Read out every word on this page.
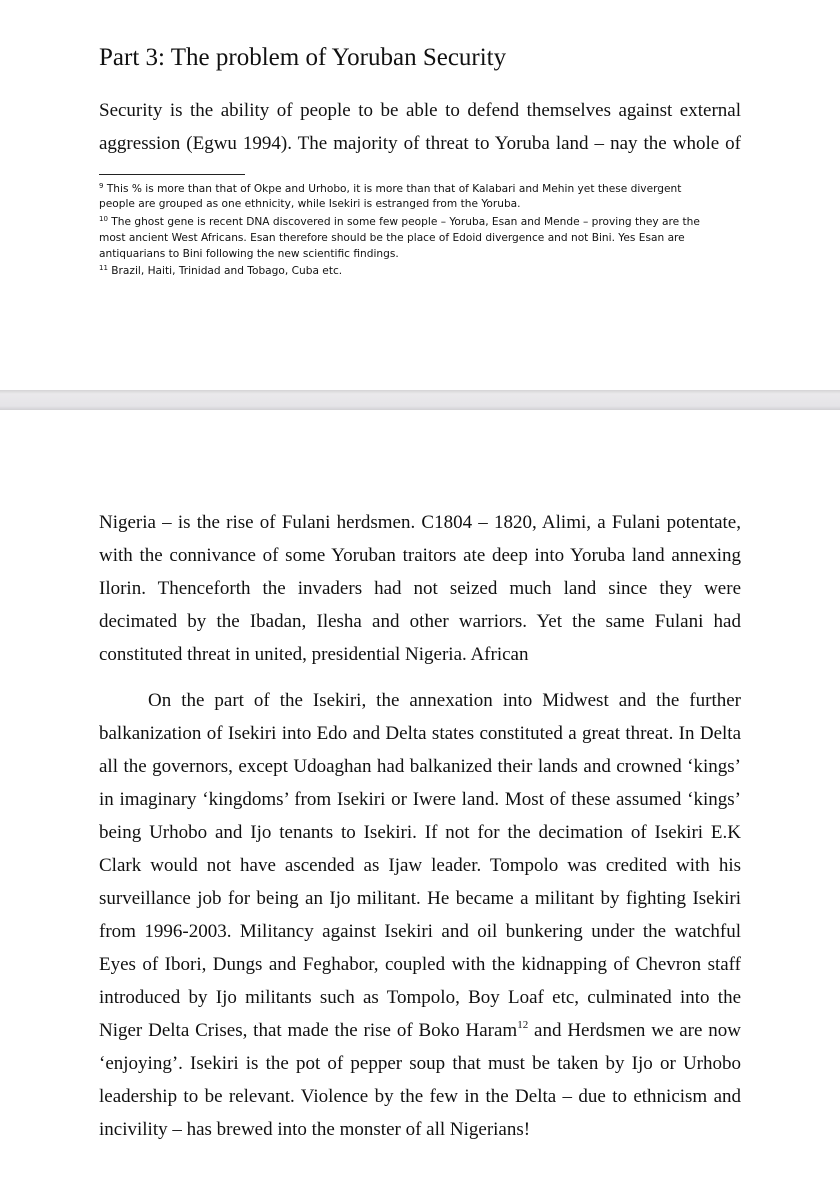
Part 3: The problem of Yoruban Security
Security is the ability of people to be able to defend themselves against external
aggression (Egwu 1994). The majority of threat to Yoruba land – nay the whole of
$^9$ This % is more than that of Okpe and Urhobo, it is more than that of Kalabari and Mehin yet these divergent
people are grouped as one ethnicity, while Isekiri is estranged from the Yoruba.
$^{10}$ The ghost gene is recent DNA discovered in some few people – Yoruba, Esan and Mende – proving they are the
most ancient West Africans. Esan therefore should be the place of Edoid divergence and not Bini. Yes Esan are
antiquarians to Bini following the new scientific findings.
$^{11}$ Brazil, Haiti, Trinidad and Tobago, Cuba etc.
Nigeria – is the rise of Fulani herdsmen. C1804 – 1820, Alimi, a Fulani potentate,
with the connivance of some Yoruban traitors ate deep into Yoruba land annexing
Ilorin. Thenceforth the invaders had not seized much land since they were
decimated by the Ibadan, Ilesha and other warriors. Yet the same Fulani had
constituted threat in united, presidential Nigeria. African
On the part of the Isekiri, the annexation into Midwest and the further
balkanization of Isekiri into Edo and Delta states constituted a great threat. In Delta
all the governors, except Udoaghan had balkanized their lands and crowned ‘kings’
in imaginary ‘kingdoms’ from Isekiri or Iwere land. Most of these assumed ‘kings’
being Urhobo and Ijo tenants to Isekiri. If not for the decimation of Isekiri E.K
Clark would not have ascended as Ijaw leader. Tompolo was credited with his
surveillance job for being an Ijo militant. He became a militant by fighting Isekiri
from 1996-2003. Militancy against Isekiri and oil bunkering under the watchful
Eyes of Ibori, Dungs and Feghabor, coupled with the kidnapping of Chevron staff
introduced by Ijo militants such as Tompolo, Boy Loaf etc, culminated into the
Niger Delta Crises, that made the rise of Boko Haram$^{12}$ and Herdsmen we are now
‘enjoying’. Isekiri is the pot of pepper soup that must be taken by Ijo or Urhobo
leadership to be relevant. Violence by the few in the Delta – due to ethnicism and
incivility – has brewed into the monster of all Nigerians!
